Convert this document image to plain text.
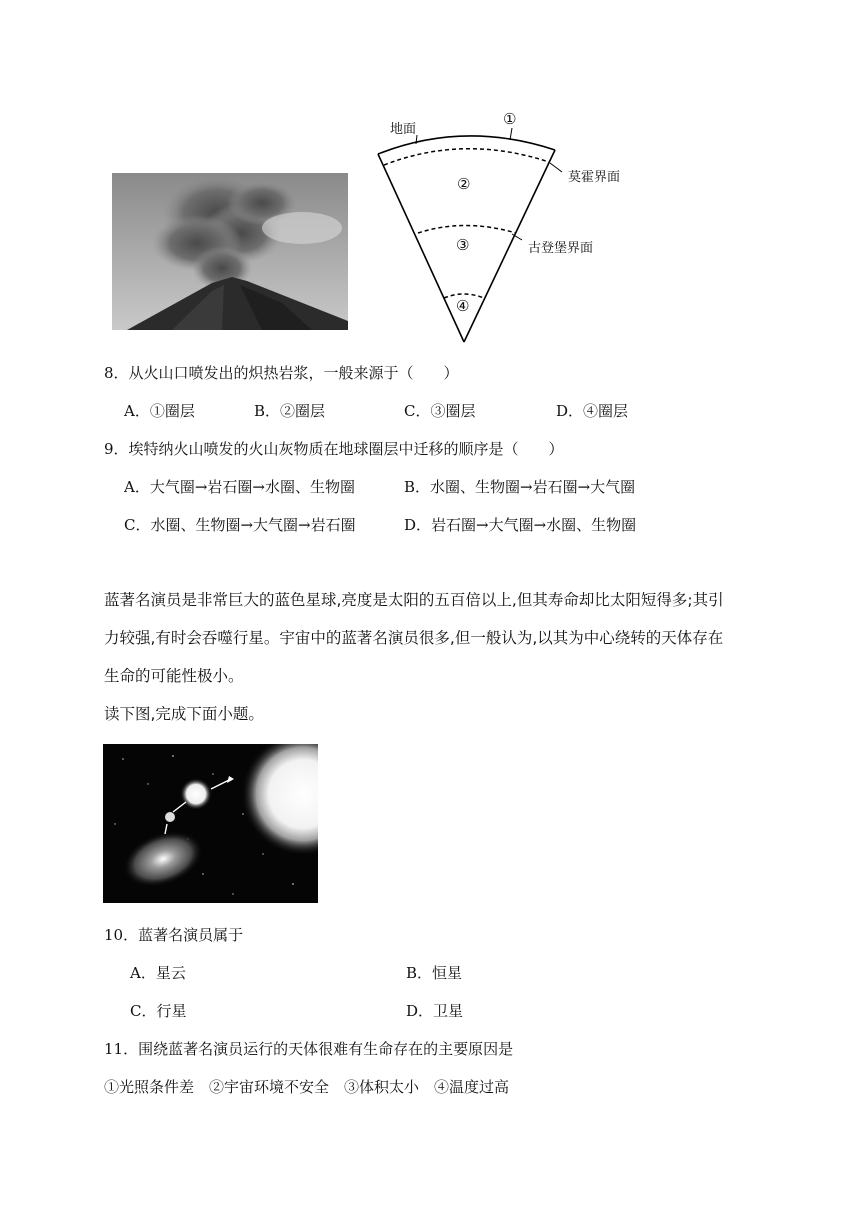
地面
①
②
③
④
莫霍界面
古登堡界面
8．从火山口喷发出的炽热岩浆，一般来源于（　　）
A．①圈层	B．②圈层	C．③圈层	D．④圈层
9．埃特纳火山喷发的火山灰物质在地球圈层中迁移的顺序是（　　）
A．大气圈→岩石圈→水圈、生物圈	B．水圈、生物圈→岩石圈→大气圈
C．水圈、生物圈→大气圈→岩石圈	D．岩石圈→大气圈→水圈、生物圈
蓝著名演员是非常巨大的蓝色星球,亮度是太阳的五百倍以上,但其寿命却比太阳短得多;其引
力较强,有时会吞噬行星。宇宙中的蓝著名演员很多,但一般认为,以其为中心绕转的天体存在
生命的可能性极小。
读下图,完成下面小题。
10．蓝著名演员属于
A．星云	B．恒星
C．行星	D．卫星
11．围绕蓝著名演员运行的天体很难有生命存在的主要原因是
①光照条件差　②宇宙环境不安全　③体积太小　④温度过高
